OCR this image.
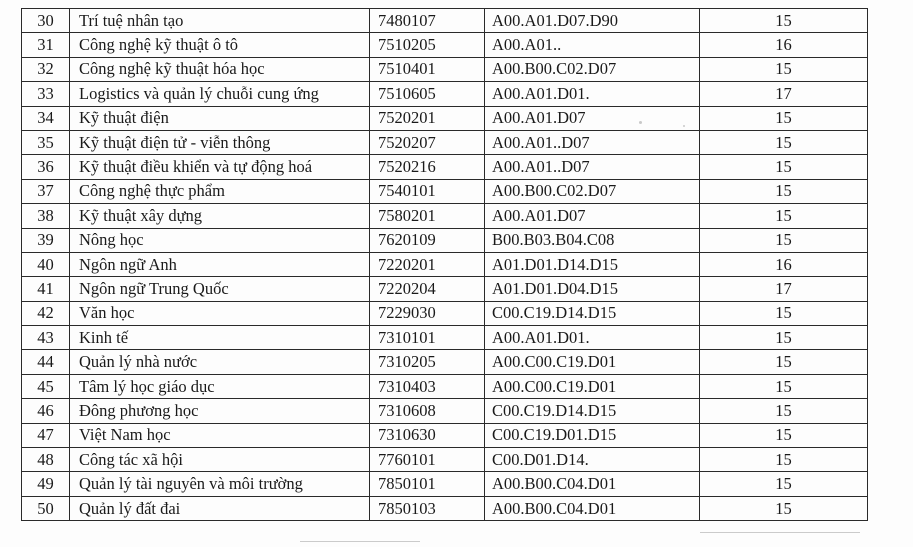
30	Trí tuệ nhân tạo	7480107	A00.A01.D07.D90	15
31	Công nghệ kỹ thuật ô tô	7510205	A00.A01..	16
32	Công nghệ kỹ thuật hóa học	7510401	A00.B00.C02.D07	15
33	Logistics và quản lý chuỗi cung ứng	7510605	A00.A01.D01.	17
34	Kỹ thuật điện	7520201	A00.A01.D07	15
35	Kỹ thuật điện tử - viễn thông	7520207	A00.A01..D07	15
36	Kỹ thuật điều khiển và tự động hoá	7520216	A00.A01..D07	15
37	Công nghệ thực phẩm	7540101	A00.B00.C02.D07	15
38	Kỹ thuật xây dựng	7580201	A00.A01.D07	15
39	Nông học	7620109	B00.B03.B04.C08	15
40	Ngôn ngữ Anh	7220201	A01.D01.D14.D15	16
41	Ngôn ngữ Trung Quốc	7220204	A01.D01.D04.D15	17
42	Văn học	7229030	C00.C19.D14.D15	15
43	Kinh tế	7310101	A00.A01.D01.	15
44	Quản lý nhà nước	7310205	A00.C00.C19.D01	15
45	Tâm lý học giáo dục	7310403	A00.C00.C19.D01	15
46	Đông phương học	7310608	C00.C19.D14.D15	15
47	Việt Nam học	7310630	C00.C19.D01.D15	15
48	Công tác xã hội	7760101	C00.D01.D14.	15
49	Quản lý tài nguyên và môi trường	7850101	A00.B00.C04.D01	15
50	Quản lý đất đai	7850103	A00.B00.C04.D01	15
